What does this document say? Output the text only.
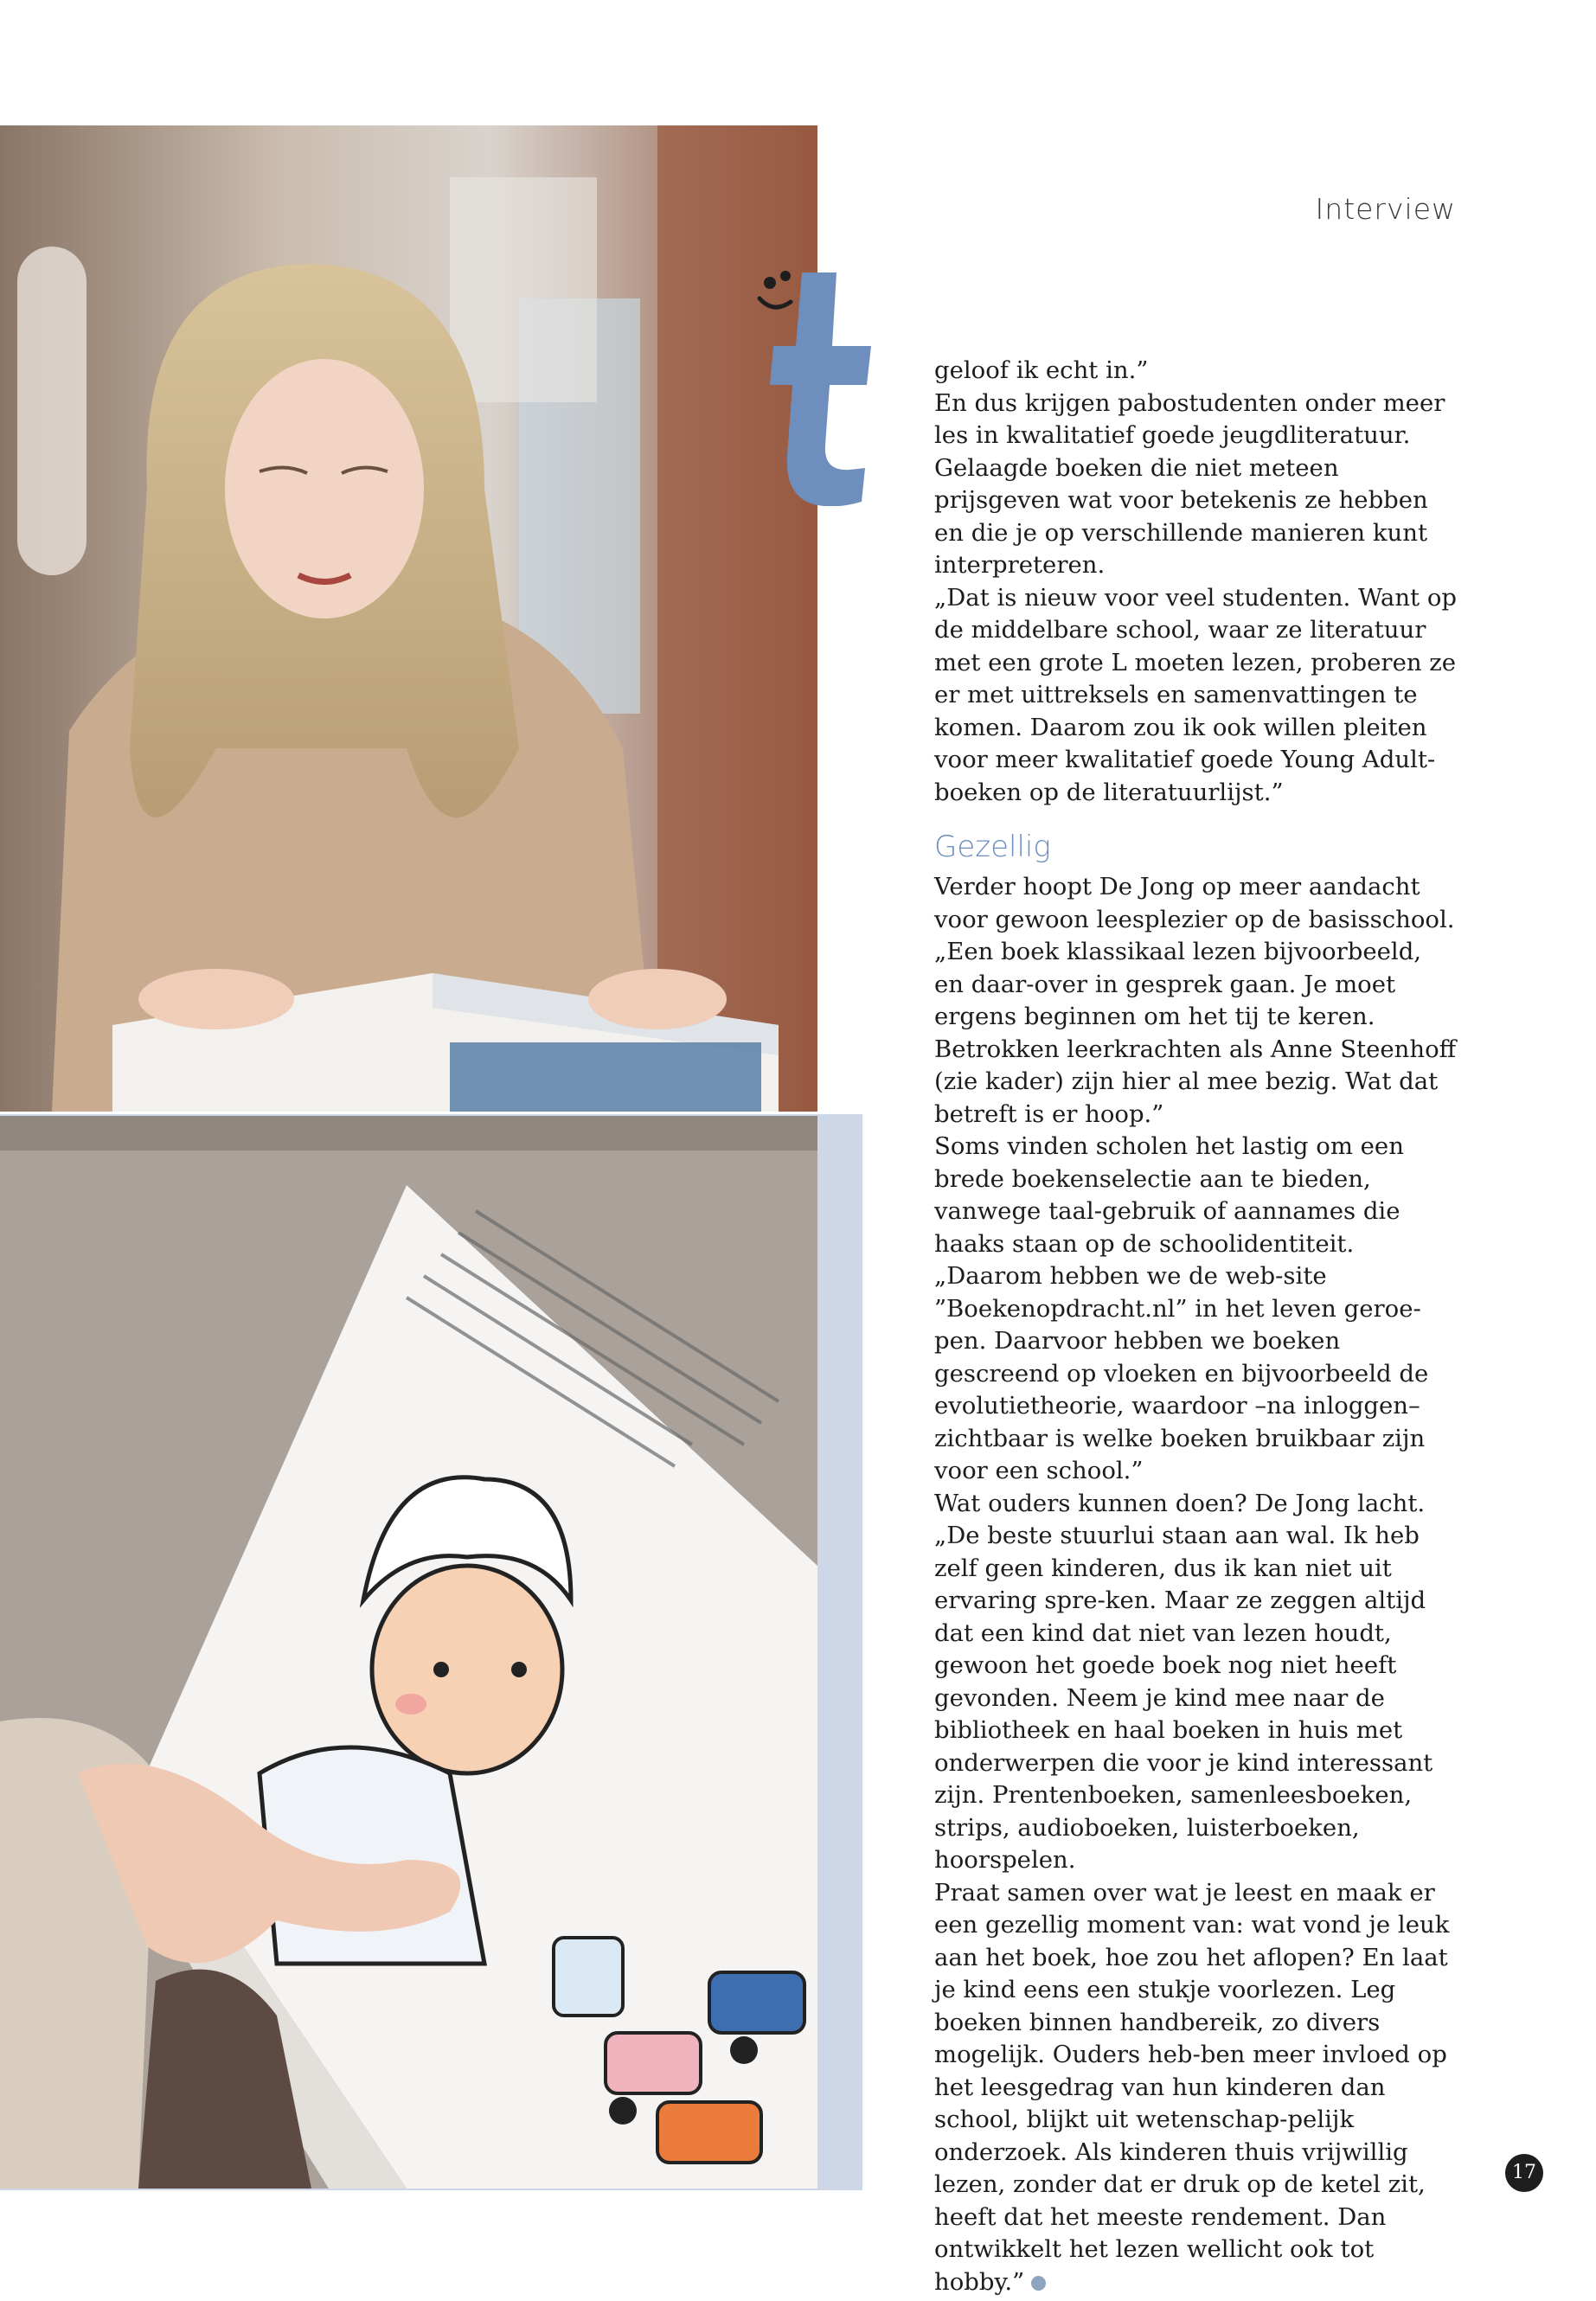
Interview

geloof ik echt in.”

En dus krijgen pabostudenten onder meer les in kwalitatief goede jeugdliteratuur. Gelaagde boeken die niet meteen prijsgeven wat voor betekenis ze hebben en die je op verschillende manieren kunt interpreteren.

„Dat is nieuw voor veel studenten. Want op de middelbare school, waar ze literatuur met een grote L moeten lezen, proberen ze er met uittreksels en samenvattingen te komen. Daarom zou ik ook willen pleiten voor meer kwalitatief goede Young Adult-boeken op de literatuurlijst.”

Gezellig

Verder hoopt De Jong op meer aandacht voor gewoon leesplezier op de basisschool. „Een boek klassikaal lezen bijvoorbeeld, en daar-over in gesprek gaan. Je moet ergens beginnen om het tij te keren. Betrokken leerkrachten als Anne Steenhoff (zie kader) zijn hier al mee bezig. Wat dat betreft is er hoop.”

Soms vinden scholen het lastig om een brede boekenselectie aan te bieden, vanwege taal-gebruik of aannames die haaks staan op de schoolidentiteit. „Daarom hebben we de web-site ”Boekenopdracht.nl” in het leven geroe-pen. Daarvoor hebben we boeken gescreend op vloeken en bijvoorbeeld de evolutietheorie, waardoor –na inloggen– zichtbaar is welke boeken bruikbaar zijn voor een school.”

Wat ouders kunnen doen? De Jong lacht. „De beste stuurlui staan aan wal. Ik heb zelf geen kinderen, dus ik kan niet uit ervaring spre-ken. Maar ze zeggen altijd dat een kind dat niet van lezen houdt, gewoon het goede boek nog niet heeft gevonden. Neem je kind mee naar de bibliotheek en haal boeken in huis met onderwerpen die voor je kind interessant zijn. Prentenboeken, samenleesboeken, strips, audioboeken, luisterboeken, hoorspelen.

Praat samen over wat je leest en maak er een gezellig moment van: wat vond je leuk aan het boek, hoe zou het aflopen? En laat je kind eens een stukje voorlezen. Leg boeken binnen handbereik, zo divers mogelijk. Ouders heb-ben meer invloed op het leesgedrag van hun kinderen dan school, blijkt uit wetenschap-pelijk onderzoek. Als kinderen thuis vrijwillig lezen, zonder dat er druk op de ketel zit, heeft dat het meeste rendement. Dan ontwikkelt het lezen wellicht ook tot hobby.”

17
